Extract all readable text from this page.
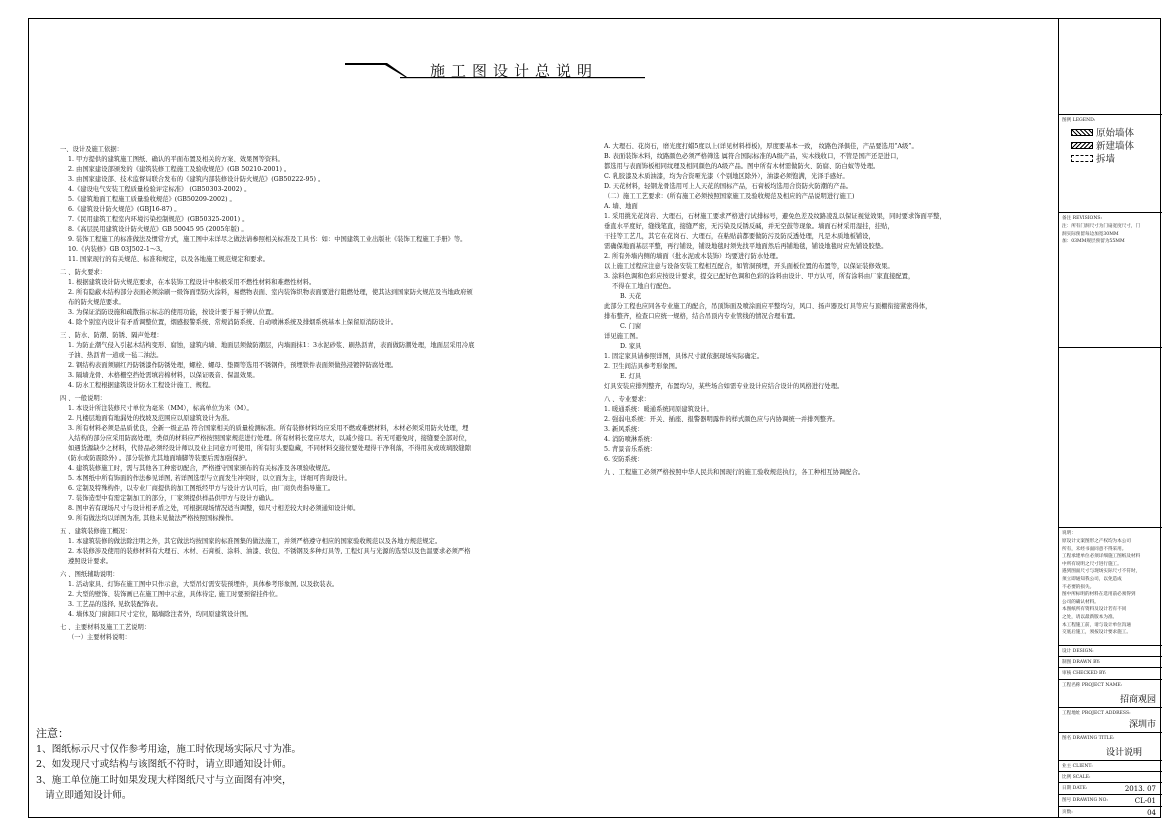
施工图设计总说明

一、设计及施工依据：

1. 甲方提供的建筑施工图纸、确认的平面布置及相关的方案、效果图等资料。

2. 由国家建设部颁发的《建筑装修工程施工及验收规范》(GB 50210-2001) 。

3. 由国家建设部、技术监督局联合发布的《建筑内部装修设计防火规范》(GB50222-95) 。

4.《建设电气安装工程质量检验评定标准》 (GB50303-2002) 。

5.《建筑地面工程施工质量验收规范》(GB50209-2002) 。

6.《建筑设计防火规范》(GBJ16-87) 。

7.《民用建筑工程室内环境污染控制规范》(GB50325-2001) 。

8.《高层民用建筑设计防火规范》GB 50045 95 (2005年版) 。

9. 装饰工程施工的标准做法及惯常方式，施工图中未详尽之做法请参照相关标准及工具书：如：中国建筑工业出版社《装饰工程施工手册》等。

10.《内装修》GB 03J502-1～3。

11. 国家现行的有关规范、标准和规定，以及各地施工规范规定和要求。

二 、防火要求：

1. 根据建筑设计防火规范要求，在本装饰工程设计中积极采用不燃性材料和难燃性材料。

2. 所有隐蔽木结构部分表面必须涂刷一级饰面型防火涂料，易燃物表面、室内装饰织物表面要进行阻燃处理，使其达到国家防火规范及当地政府颁

布的防火规范要求。

3. 为保证消防设施和疏散指示标志的使用功能，按设计要于易于辨认位置。

4. 除个别室内设计有矛盾调整位置，烟感报警系统、常规消防系统、自动喷淋系统及排烟系统基本上保留原消防设计。

三 、防水、防潮、防锈、隔声处理：

1. 为防止潮气侵入引起木结构变形、腐蚀，建筑内墙、地面层须做防潮层，内墙面抹1：3水泥砂浆、刷热沥青，表面做防潮处理，地面层采用冷底

子油、热沥青一道或一毡二油法。

2. 钢结构表面须刷红丹防锈漆作防锈处理，螺栓、螺母、垫圈等选用不锈钢件，预埋铁件表面须做热浸镀锌防腐处理。

3. 隔墙龙骨、木格栅空挡处需填岩棉材料，以保证吸音、保温效果。

4. 防水工程根据建筑设计防水工程设计施工、规程。

四 、一般说明：

1. 本设计所注装修尺寸单位为毫米（MM），标高单位为米（M）。

2. 凡楼层地面有地漏处的找坡及范围应以原建筑设计为准。

3. 所有材料必须是品质优良，全新一级正品 符合国家相关的质量检测标准。所有装修材料均应采用不燃或难燃材料，木材必须采用防火处理，埋

入结构的部分应采用防腐处理，类似的材料应严格按照国家规范进行处理。所有材料长宽应尽大，以减少接口。若无可避免时，接缝要全部对位，

如遇货源缺少之材料，代替品必须经设计师以及业主同意方可使用，所有钉头要隐藏，不同材料交接位要处理得干净利落，不得用灰或玻璃胶缝隙

(防水或防震除外) 。部分装修尤其地面墙脚等装要后需加强保护。

4. 建筑装修施工时，需与其他各工种密切配合，严格遵守国家颁布的有关标准及各项验收规范。

5. 本图纸中所有饰面的作法参见详图, 若详图选型与立面发生冲突时，以立面为主，详细可咨询设计。

6. 定制及特殊构件，以专业厂商提供的加工图纸经甲方与设计方认可后，由厂商负责指导施工。

7. 装饰造型中有需定制加工的部分，厂家须提供样品供甲方与设计方确认。

8. 图中若有现场尺寸与设计相矛盾之处，可根据现场情况适当调整，如尺寸相差较大时必须通知设计师。

9. 所有做法均以详图为准, 其他未见做法严格按照国标操作。

五 、建筑装修施工概况：

1. 本建筑装修的做法除注明之外，其它做法均按国家的标准图集的做法施工，并须严格遵守相应的国家验收规范以及各地方规范规定。

2. 本装修涉及使用的装修材料有大理石、木材、石膏板、涂料、油漆、软包、不锈钢及多种灯具等, 工程灯具与光源的选型以及色温要求必须严格

遵照设计要求。

六 、图纸辅助说明：

1. 活动家具、灯饰在施工图中只作示意，大型吊灯需安装预埋件，具体参考形象图, 以及软装表。

2. 大型的壁饰、装饰画已在施工图中示意，具体待定, 施工时要预留挂件位。

3. 工艺品的选择, 见软装配饰表。

4. 墙体及门窗洞口尺寸定位，隔墙除注者外，均同原建筑设计图。

七 、主要材料及施工工艺说明：

（一）主要材料说明：

A. 大理石、花岗石，磨光度打蜡5度以上(详见材料样板)，厚度要基本一致， 纹路色泽俱佳，产品要选用“A级”。

B. 表面装饰木料，纹路颜色必须严格筛选 属符合国际标准的A级产品，实木线收口，不管是国产还是进口，

都选用与表面饰板相同纹理及相同颜色的A级产品。图中所有木材需做防火、防腐、防白蚁等处理。

C. 乳胶漆及木质油漆，均为合资哑光漆（个别地区除外），油漆必须饱满，光泽手感好。

D. 天花材料，轻钢龙骨选用可上人天花的国标产品，石膏板均选用合资防火防潮的产品。

（二）施工工艺要求：(所有施工必须按照国家施工及验收规范及相应的产品说明进行施工)

A. 墙、地面

1. 采用挑光花岗岩、大理石，石材施工要求严格进行试排标号，避免色差及纹路凌乱以保证视觉效果，同时要求饰面平整，

垂直水平度好，缝线笔直，接缝严密，无污染及反锈反碱，并无空鼓等现象。墙面石材采用湿挂，挂贴，

干挂等工艺几，其它在花岗石、大理石，在粘贴前都要做防污及防反透处理，凡是木质地板铺设，

需确保地面基层平整，再行铺设，铺设地毯时须先找平地面然后再铺地毯，铺设地毯时应先铺设胶垫。

2. 所有外墙内侧的墙面（批水泥或木装饰）均要进行防水处理。

以上施工过程应注意与设备安装工程相互配合，如管洞预埋，开头面板位置的布置等，以保证装修效果。

3. 涂料色调和色彩应按设计要求，提交已配好色调和色彩的涂料由设计、甲方认可，所有涂料由厂家直接配置，

不得在工地自行配色。

B. 天花

此部分工程也应同各专业施工的配合，吊顶饰面及喷涂面应平整均匀，风口、扬声器及灯具等应与顶棚衔接紧密得体，

排布整齐，检查口应统一规格，结合吊顶内专业管线的情况合理布置。

C. 门窗

详见施工图。

D. 家具

1. 固定家具请参照详图，具体尺寸就依据现场实际确定。

2. 卫生间洁具参考形象图。

E. 灯具

灯具安装应排列整齐，布置均匀，某些场合如需专业设计应结合设计的风格进行处理。

八 、专业要求：

1. 暖通系统：暖通系统同原建筑设计。

2. 强弱电系统：开关、插座、报警器明露件的样式颜色应与内协调统一并排列整齐。

3. 新风系统：

4. 消防喷淋系统：

5. 背景音乐系统：

6. 安防系统：

九 、工程施工必须严格按照中华人民共和国现行的施工验收规范执行，各工种相互协调配合。

注意：

1、图纸标示尺寸仅作参考用途，施工时依现场实际尺寸为准。

2、如发现尺寸或结构与该图纸不符时，请立即通知设计师。

3、施工单位施工时如果发现大样图纸尺寸与立面图有冲突，

请立即通知设计师。

图例 LEGEND:
原始墙体
新建墙体
拆墙
备注 REVISIONS:
注：所有门洞尺寸为门扇宽度尺寸，门
洞实际预留每边加宽30MM
加：03MM规层预留为55MM
说明：
原设计文案图形之产权均为本公司
所有，未经书面同意不得采用。
工程承建单位必须详细施工图纸及材料
中所有说明之尺寸进行施工。
遇到图面尺寸与现场实际尺寸不符时，
须立即通知我公司，以免造成
不必要的损失。
图中所标明的材料在选用前必须得到
公司的确认材料。
本图纸所有资料及设计若有不同
之处，请以最新版本为准。
本工程施工前，请与设计单位沟通
交底后施工，须按设计要求施工。
设计 DESIGN:
制图 DRAWN BY:
审核 CHECKED BY:
工程名称 PROJECT NAME:
招商观园
工程地址 PROJECT ADDRESS:
深圳市
图名 DRAWING TITLE:
设计说明
业主 CLIENT:
比例 SCALE:
日期 DATE:	2013. 07
图号 DRAWING NO:	CL-01
页数:	04
